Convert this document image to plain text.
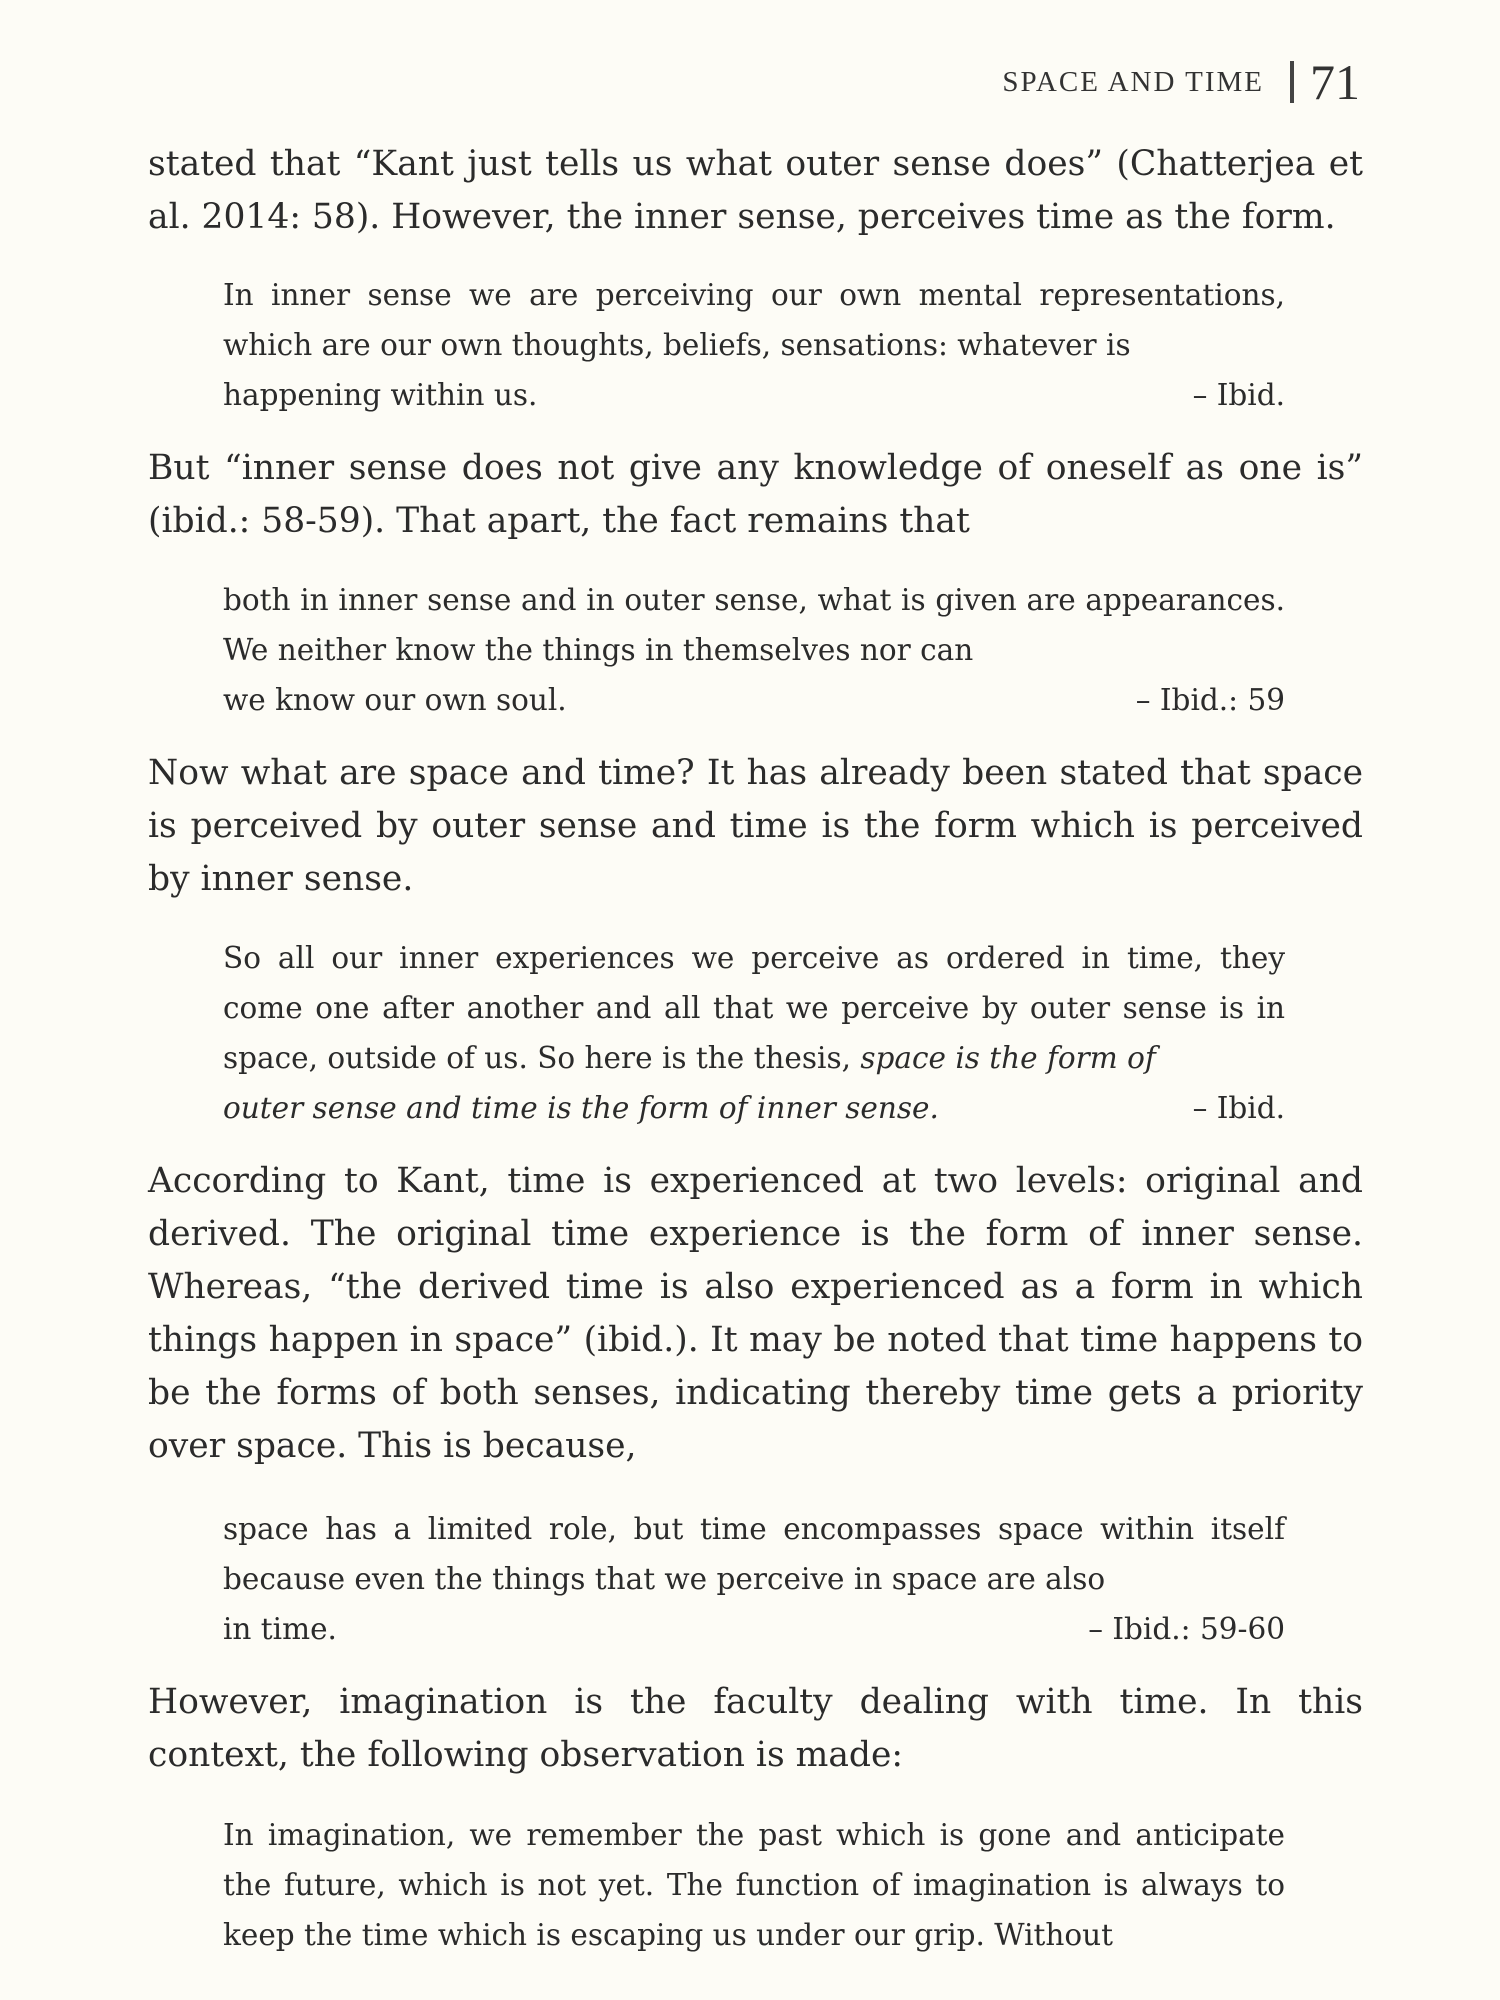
SPACE AND TIME 71

stated that “Kant just tells us what outer sense does” (Chatterjea et al. 2014: 58). However, the inner sense, perceives time as the form.

In inner sense we are perceiving our own mental representations, which are our own thoughts, beliefs, sensations: whatever is
happening within us.	– Ibid.

But “inner sense does not give any knowledge of oneself as one is” (ibid.: 58-59). That apart, the fact remains that

both in inner sense and in outer sense, what is given are appearances. We neither know the things in themselves nor can
we know our own soul.	– Ibid.: 59

Now what are space and time? It has already been stated that space is perceived by outer sense and time is the form which is perceived by inner sense.

So all our inner experiences we perceive as ordered in time, they come one after another and all that we perceive by outer sense is in space, outside of us. So here is the thesis, space is the form of
outer sense and time is the form of inner sense.	– Ibid.

According to Kant, time is experienced at two levels: original and derived. The original time experience is the form of inner sense. Whereas, “the derived time is also experienced as a form in which things happen in space” (ibid.). It may be noted that time happens to be the forms of both senses, indicating thereby time gets a priority over space. This is because,

space has a limited role, but time encompasses space within itself because even the things that we perceive in space are also
in time.	– Ibid.: 59-60

However, imagination is the faculty dealing with time. In this context, the following observation is made:

In imagination, we remember the past which is gone and anticipate the future, which is not yet. The function of imagination is always to keep the time which is escaping us under our grip. Without
